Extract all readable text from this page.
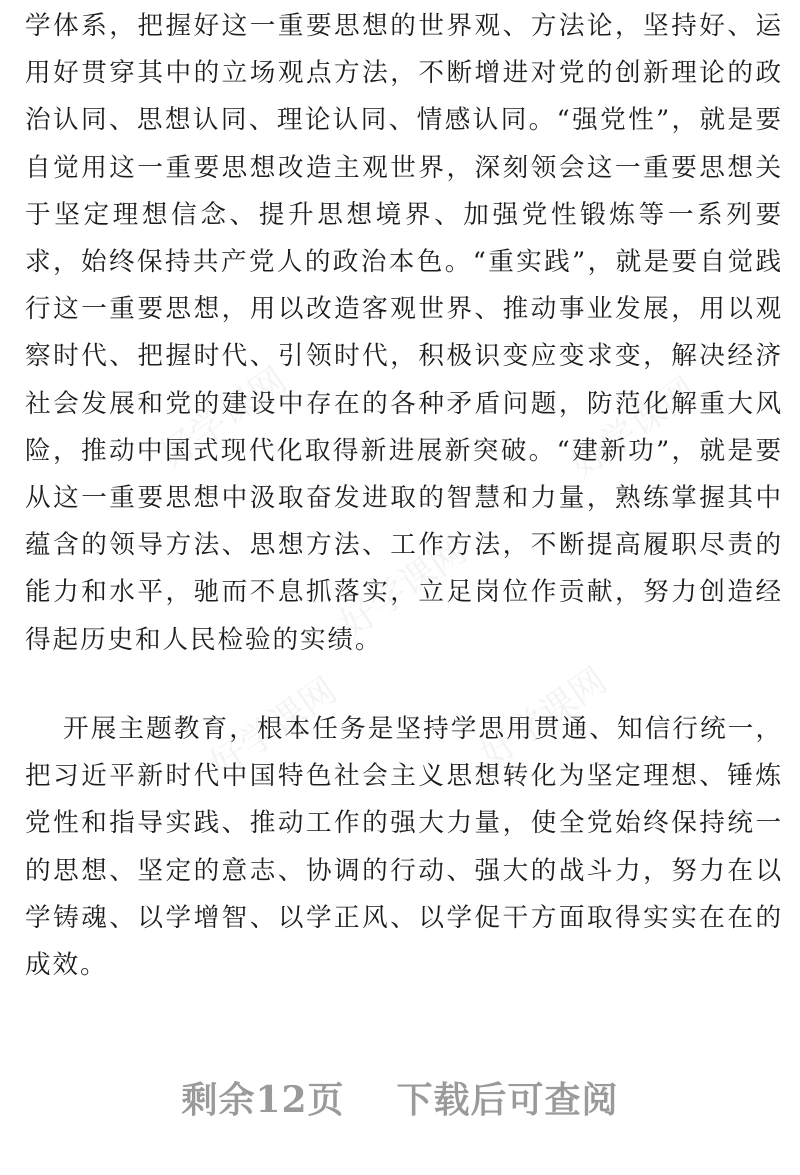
好学课网	好学课网
好学课网
好学课网
好学课网

学体系，把握好这一重要思想的世界观、方法论，坚持好、运用好贯穿其中的立场观点方法，不断增进对党的创新理论的政治认同、思想认同、理论认同、情感认同。“强党性”，就是要自觉用这一重要思想改造主观世界，深刻领会这一重要思想关于坚定理想信念、提升思想境界、加强党性锻炼等一系列要求，始终保持共产党人的政治本色。“重实践”，就是要自觉践行这一重要思想，用以改造客观世界、推动事业发展，用以观察时代、把握时代、引领时代，积极识变应变求变，解决经济社会发展和党的建设中存在的各种矛盾问题，防范化解重大风险，推动中国式现代化取得新进展新突破。“建新功”，就是要从这一重要思想中汲取奋发进取的智慧和力量，熟练掌握其中蕴含的领导方法、思想方法、工作方法，不断提高履职尽责的能力和水平，驰而不息抓落实，立足岗位作贡献，努力创造经得起历史和人民检验的实绩。

开展主题教育，根本任务是坚持学思用贯通、知信行统一，把习近平新时代中国特色社会主义思想转化为坚定理想、锤炼党性和指导实践、推动工作的强大力量，使全党始终保持统一的思想、坚定的意志、协调的行动、强大的战斗力，努力在以学铸魂、以学增智、以学正风、以学促干方面取得实实在在的成效。

剩余12页 下载后可查阅
